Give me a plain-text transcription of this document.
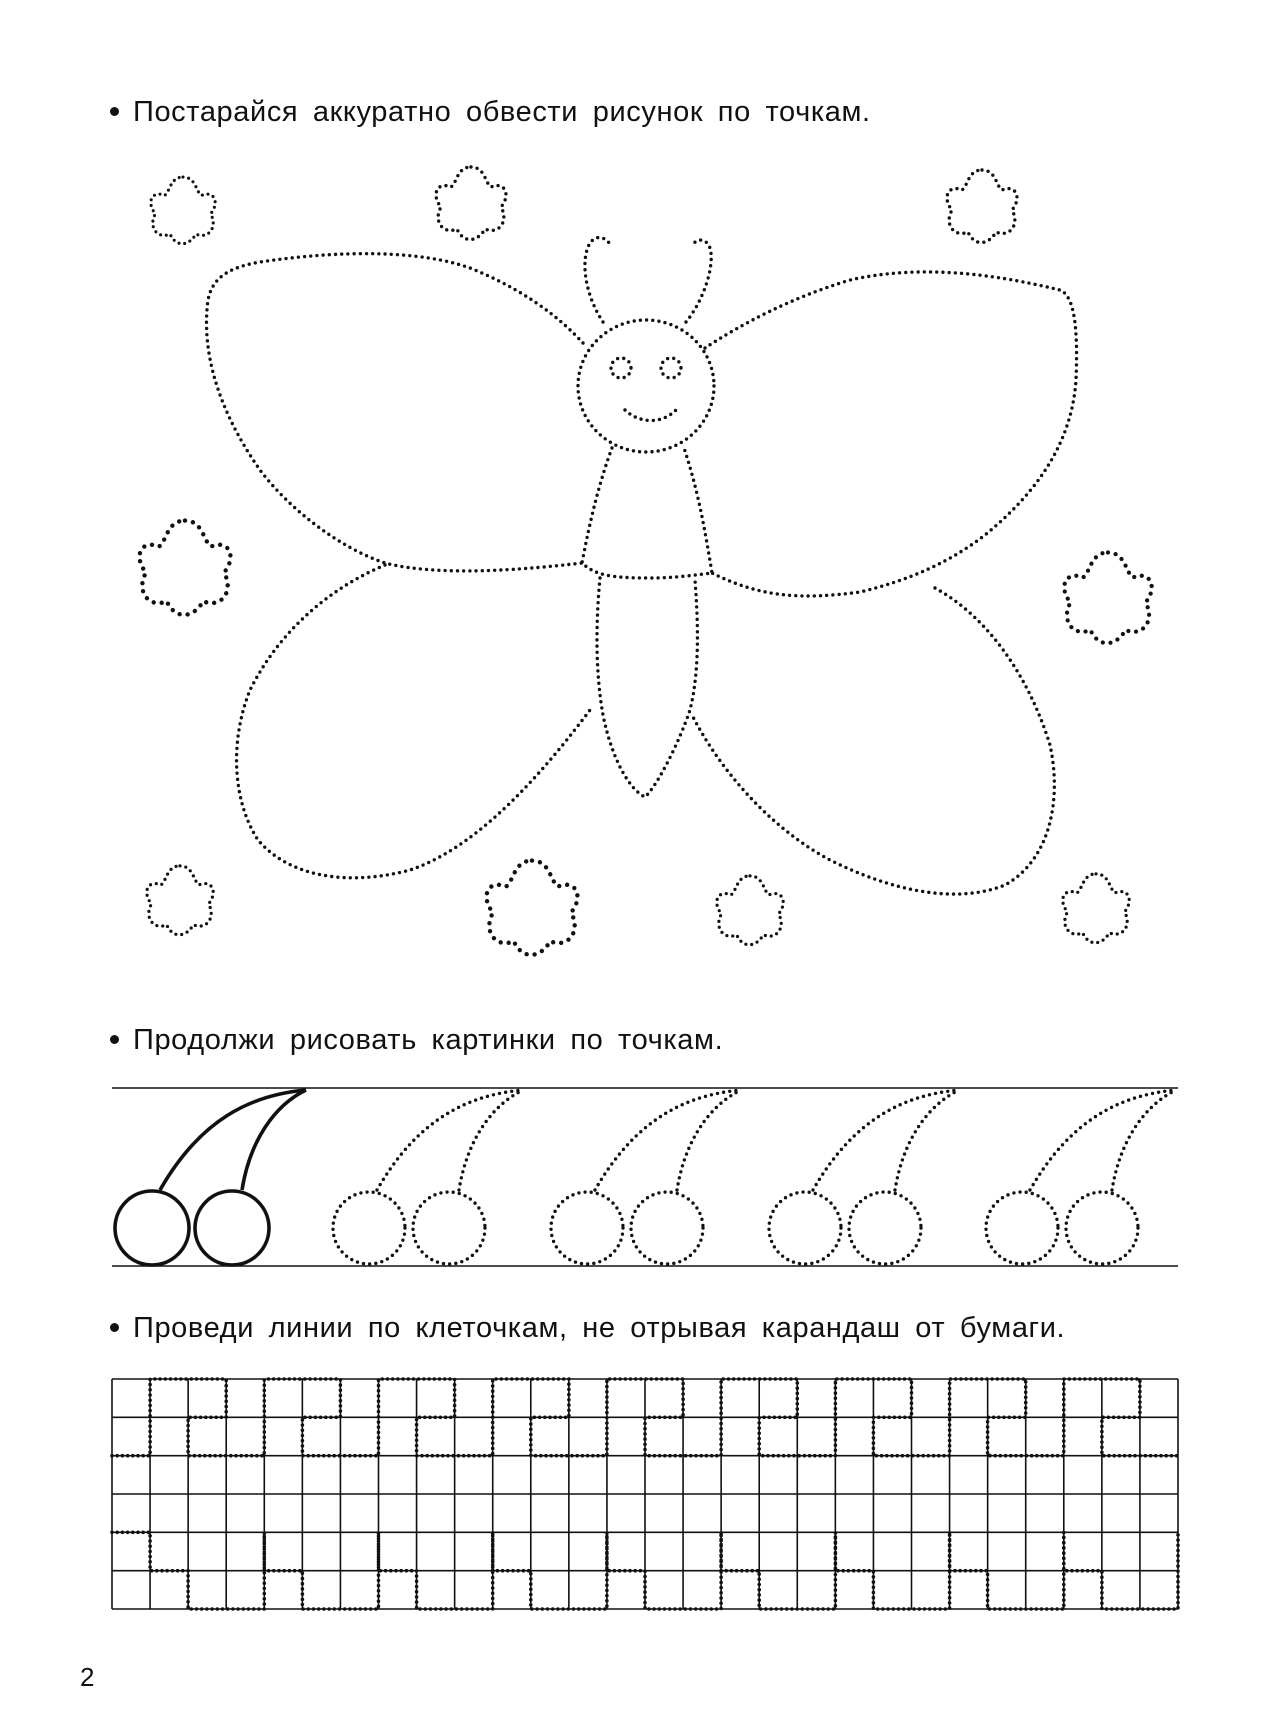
Постарайся аккуратно обвести рисунок по точкам.
Продолжи рисовать картинки по точкам.
Проведи линии по клеточкам, не отрывая карандаш от бумаги.
2
